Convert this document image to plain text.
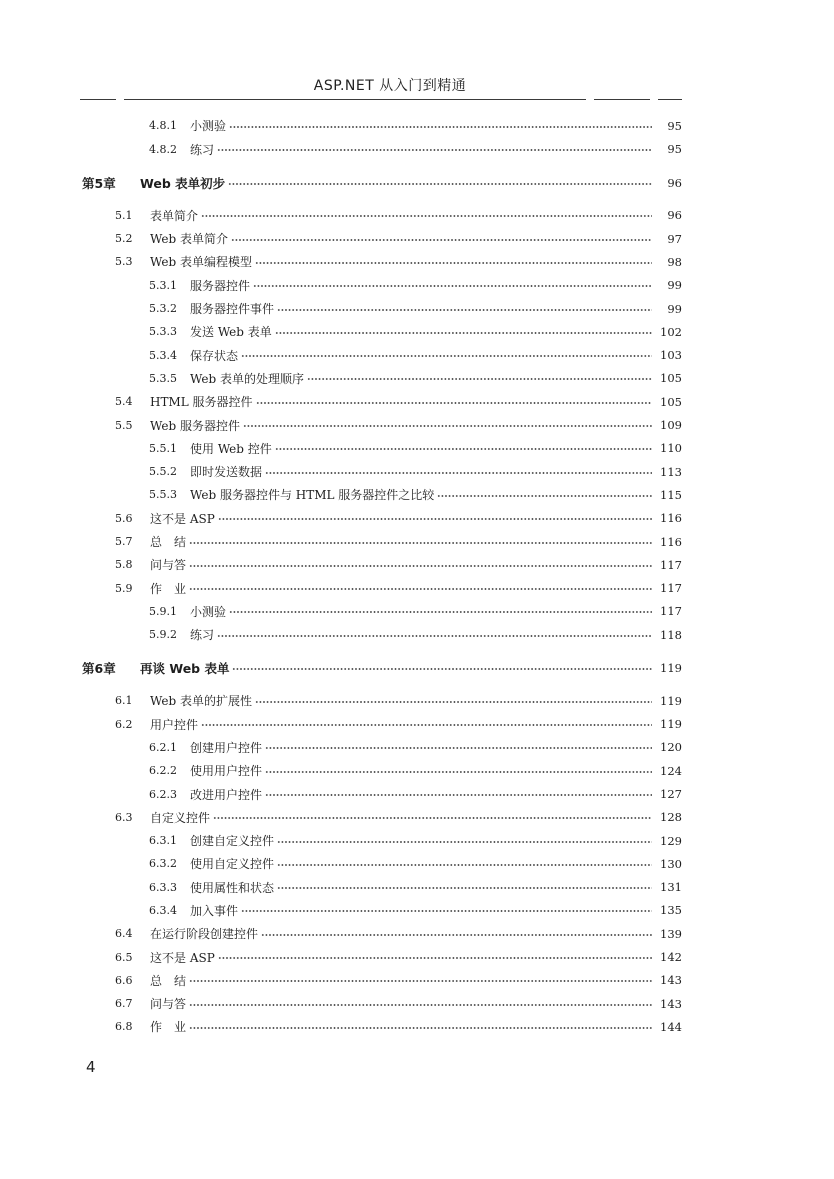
ASP.NET 从入门到精通
4.8.1	小测验	95
4.8.2	练习	95
第5章	Web 表单初步	96
5.1	表单简介	96
5.2	Web 表单简介	97
5.3	Web 表单编程模型	98
5.3.1	服务器控件	99
5.3.2	服务器控件事件	99
5.3.3	发送 Web 表单	102
5.3.4	保存状态	103
5.3.5	Web 表单的处理顺序	105
5.4	HTML 服务器控件	105
5.5	Web 服务器控件	109
5.5.1	使用 Web 控件	110
5.5.2	即时发送数据	113
5.5.3	Web 服务器控件与 HTML 服务器控件之比较	115
5.6	这不是 ASP	116
5.7	总　结	116
5.8	问与答	117
5.9	作　业	117
5.9.1	小测验	117
5.9.2	练习	118
第6章	再谈 Web 表单	119
6.1	Web 表单的扩展性	119
6.2	用户控件	119
6.2.1	创建用户控件	120
6.2.2	使用用户控件	124
6.2.3	改进用户控件	127
6.3	自定义控件	128
6.3.1	创建自定义控件	129
6.3.2	使用自定义控件	130
6.3.3	使用属性和状态	131
6.3.4	加入事件	135
6.4	在运行阶段创建控件	139
6.5	这不是 ASP	142
6.6	总　结	143
6.7	问与答	143
6.8	作　业	144
4
